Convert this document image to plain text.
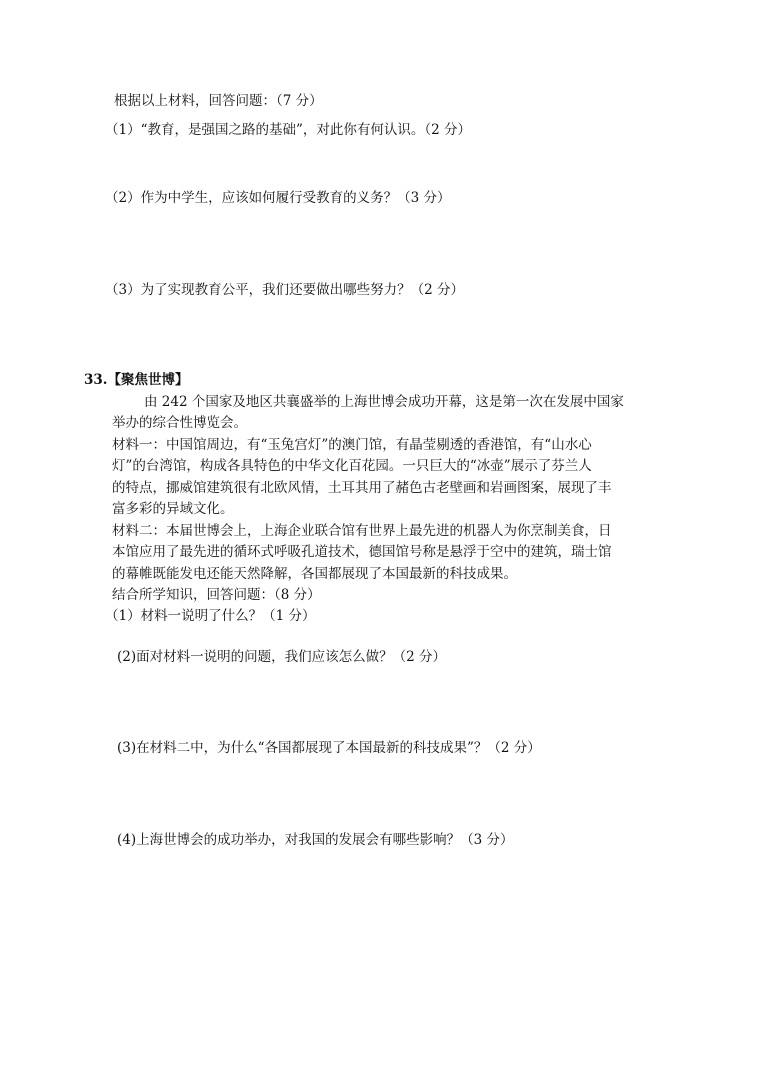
根据以上材料，回答问题：（7 分）
（1）“教育，是强国之路的基础”，对此你有何认识。（2 分）
（2）作为中学生，应该如何履行受教育的义务？（3 分）
（3）为了实现教育公平，我们还要做出哪些努力？（2 分）
33.【聚焦世博】
由 242 个国家及地区共襄盛举的上海世博会成功开幕，这是第一次在发展中国家
举办的综合性博览会。
材料一：中国馆周边，有“玉兔宫灯”的澳门馆，有晶莹剔透的香港馆，有“山水心
灯”的台湾馆，构成各具特色的中华文化百花园。一只巨大的“冰壶”展示了芬兰人
的特点，挪威馆建筑很有北欧风情，土耳其用了赭色古老壁画和岩画图案，展现了丰
富多彩的异域文化。
材料二：本届世博会上，上海企业联合馆有世界上最先进的机器人为你烹制美食，日
本馆应用了最先进的循环式呼吸孔道技术，德国馆号称是悬浮于空中的建筑，瑞士馆
的幕帷既能发电还能天然降解，各国都展现了本国最新的科技成果。
结合所学知识，回答问题：（8 分）
（1）材料一说明了什么？（1 分）
(2)面对材料一说明的问题，我们应该怎么做？（2 分）
(3)在材料二中，为什么“各国都展现了本国最新的科技成果”？（2 分）
(4)上海世博会的成功举办，对我国的发展会有哪些影响？（3 分）
